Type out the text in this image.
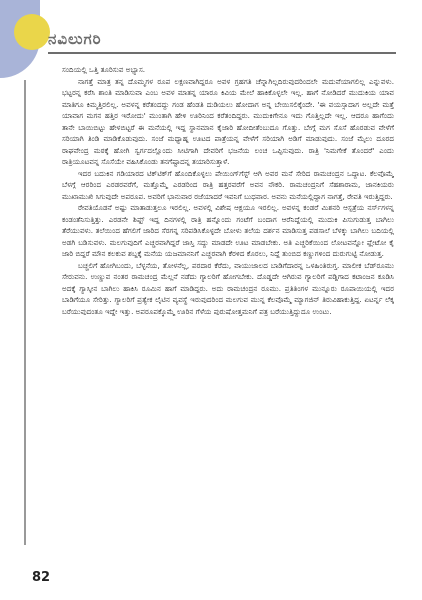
ನವಿಲುಗರಿ

ಸಂದಿಯಲ್ಲಿ ಒತ್ತಿ ತೂರಿಸುವ ಅಭ್ಯಾಸ.

ನಾಗತ್ತೆ ಮಾತ್ರ ತನ್ನ ದೊಮ್ಮಗಳ ರೂಪ ಲಕ್ಷಣವಾಗಿದ್ದರೂ ಅವಳ ಗ್ರಹಗತಿ ಚೆನ್ನಾಗಿಲ್ಲದಿರುವುದರಿಂದಲೇ ಮದುವೆಯಾಗಲಿಲ್ಲ ಎನ್ನುವಳು. ಭಟ್ಟರನ್ನ ಕರೆಸಿ ಶಾಂತಿ ಮಾಡಿಸುವಾ ಎಂಬ ಅವಳ ಮಾತನ್ನ ಯಾರೂ ಕಿವಿಯ ಮೇಲೆ ಹಾಕಿಕೊಳ್ಳಲೇ ಇಲ್ಲ. ಹಾಗೆ ನೋಡಿದರೆ ಮುದುಕಿಯ ಯಾವ ಮಾತಿಗೂ ಕಿಮ್ಮತ್ತಿರಲಿಲ್ಲ. ಅವಳನ್ನ ಕರೆತಂದದ್ದು ಗಂಡ ಹೆಂಡತಿ ದುಡಿಯಲು ಹೋದಾಗ ಅನ್ನ ಬೇಯಿಸಲಿಕ್ಕೆಂದೇ. 'ಈ ವಯಸ್ಸಾದಾಗ ಅಲ್ಲದೇ ಮತ್ತೆ ಯಾವಾಗ ಮಗನ ಹತ್ತಿರ ಇರೋದು' ಮುಂತಾಗಿ ಹೇಳಿ ಊರಿನಿಂದ ಕರೆತಂದಿದ್ದರು. ಮುದುಕಿಗೇನೂ ಇದು ಗೊತ್ತಿಲ್ಲದೇ ಇಲ್ಲ. ಆದರೂ ಹಾಗೆಂದು ತಾನೇ ಬಾಯಿಬಿಟ್ಟು ಹೇಳಬಿಟ್ಟರೆ ಈ ಮನೆಯಲ್ಲಿ ಇದ್ದ ಸ್ಥಾನಮಾನ ಕೈಜಾರಿ ಹೋದೀತೆಂಬುದೂ ಗೊತ್ತು. ಬೇಗ್ಗೆ ಮಗ ಸೊಸೆ ಹೊರಡುವ ವೇಳೆಗೆ ಸರಿಯಾಗಿ ತಿಂಡಿ ಮಾಡಿಕೊಡುವುದು. ಸಂಜೆ ಮಧ್ಯಾಹ್ನ ಊಟದ ಪಾತ್ರೆಯನ್ನ ವೇಳೆಗೆ ಸರಿಯಾಗಿ ಅಡಿಗೆ ಮಾಡುವುದು. ಸಂಜೆ ಮೈಲು ದೂರದ ರಾಘವೇಂದ್ರ ಮಠಕ್ಕೆ ಹೋಗಿ ಸ್ವರ್ಗದಲ್ಲೊಂದು ಸೀಟಿಗಾಗಿ ದೇವರಿಗೆ ಭಜನೆಯ ಲಂಚ ಒಪ್ಪಿಸುವುದು. ರಾತ್ರಿ 'ನಿಮಗೇಕೆ ತೊಂದರೆ' ಎಂದು ರಾತ್ರಿಯೂಟವನ್ನ ಸೊಸೆಯೇ ವಹಿಸಿಕೊಂಡು ತನಗೆಷ್ಟಾದನ್ನ ತಯಾರಿಸುತ್ತಾಳೆ.

ಇದರ ಬದುಕಿನ ಗಡಿಯಾರದ ಟಿಕ್‌ಟಿಕ್‌ಗೆ ಹೊಂದಿಕೊಳ್ಳಲು ಪೇಯಿಂಗ್‌ಗೆಸ್ಟ್ ಆಗಿ ಅವರ ಮನೆ ಸೇರಿದ ರಾಮಚಂದ್ರನ ಒದ್ದಾಟ. ಕೆಲವೊಮ್ಮೆ ಬೆಳಗ್ಗೆ ಆರರಿಂದ ಎರಡರವರೆಗೆ, ಮತ್ತೊಮ್ಮೆ ಎರಡರಿಂದ ರಾತ್ರಿ ಹತ್ತರವರೆಗೆ ಅವನ ನೌಕರಿ. ರಾಮಚಂದ್ರನಿಗೆ ಸೆಹಶಾರಾಮ, ಜಾನಕಿಯರು ಮುಖಾಮುಖಿ ಸಿಗುವುದೇ ಅಪರೂಪ. ಅವರಿಗೆ ಭಾನುವಾರ ರಜೆಯಾದರೆ ಇವನಿಗೆ ಬುಧವಾರ. ಅವನು ಮನೆಯಲ್ಲಿದ್ದಾಗ ನಾಗತ್ತೆ, ರೇವತಿ ಇರುತ್ತಿದ್ದರು.

ರೇವತಿಯೊಡನೆ ಅಷ್ಟು ಮಾತಾಡುತ್ತಲೂ ಇರಲಿಲ್ಲ. ಅವಳಲ್ಲಿ ವಿಶೇಷ ಆಕ್ಷಯೂ ಇರಲಿಲ್ಲ. ಅವಳನ್ನ ಕಂಡರೆ ಮಿಶನರಿ ಆಸ್ಪತ್ರೆಯ ನರ್ಸ್‌ಗಳನ್ನ ಕಂಡಂತೆನಿಸುತ್ತಿತ್ತು. ಎರಡನೇ ಶಿಫ್ಟ್ ಇದ್ದ ದಿನಗಳಲ್ಲಿ ರಾತ್ರಿ ಹನ್ನೊಂದು ಗಂಟೆಗೆ ಬಂದಾಗ ಆರೆನಿದ್ದೆಯಲ್ಲಿ ಮುದುಕಿ ಪಿಸುಗುಡುತ್ತ ಬಾಗಿಲು ತೆರೆಯುವಳು. ತಲೆಯಿಂದ ಹೆಗಲಿಗೆ ಜಾರಿದ ಸೆರಗನ್ನ ಸರಿಪಡಿಸಿಕೊಳ್ಳದೇ ಬೋಳು ತಲೆಯ ದರ್ಶನ ಮಾಡಿಸುತ್ತ ಪಡಸಾಲೆ ಬೆಳಕ್ಕು ಬಾಗಿಲು ಬದಿಯಲ್ಲಿ ಅಡಗಿ ಬಡಿಸುವಳು. ಮಲಗುವುದಿಗೆ ಎಚ್ಚರವಾಗಿದ್ದರೆ ಜಾಸ್ತಿ ಸದ್ದು ಮಾಡದೇ ಊಟ ಮಾಡಬೇಕು. ಅತಿ ಎಚ್ಚರಿಕೆಯಿಂದ ಲೋಟವನ್ನೋ ಫ್ಲೇಟೋ ಕೈ ಜಾರಿ ಬಿದ್ದರೆ ಮೌನ ಕಲಕುವ ಶಬ್ದಕ್ಕೆ ಮನೆಯ ಯಜಮಾನನಿಗೆ ಎಚ್ಚರವಾಗಿ ಕೆರಳಿದ ಕೊರಲು, ನಿದ್ದೆ ತುಂಬಿದ ಕಣ್ಣುಗಳಿಂದ ದುರುಗುಟ್ಟಿ ನೋಡುತ್ತ.

ಬಚ್ಚಲಿಗೆ ಹೋಗಿಬಂದು, ಬೆಳ್ಳನೆಯ, ತೋಳನೆಲ್ಲ, ಪರದಾರ ಕೆರೆದು, ವಾಯುಜಾಲದ ಬಾಡಿಗೆದಾರನ್ನ ಒಳಹಿಂತಿರುಗ್ತ. ಮಾಲೀಕ ಬೆಡ್‌ರೂಮು ಸೇರುವನು. ಉಣ್ಣುವ ನಂತರ ರಾಮಚಂದ್ರ ಮೆಲ್ಲನೆ ನಡೆದು ಗ್ಯಾಲರಿಗೆ ಹೋಗಬೇಕು. ದೊಡ್ಡದೇ ಆಗಿರುವ ಗ್ಯಾಲರಿಗೆ ಪಡ್ದಿಗಾದ ಕಟಾಂಜನ ಕೂಡಿಸಿ ಅದಕ್ಕೆ ಗ್ಯಾಸ್ಕೀನ ಬಾಗಿಲು ಹಾಕಿಸಿ ರೂಮಿನ ಹಾಗೆ ಮಾಡಿದ್ದರು. ಅದು ರಾಮಚಂದ್ರನ ರೂಮು. ಪ್ರತಿತಿಂಗಳ ಮುನ್ನೂರು ರೂಪಾಯಿಯಲ್ಲಿ ಇದರ ಬಾಡಿಗೆಯೂ ಸೇರಿತ್ತು. ಗ್ಯಾಲರಿಗೆ ಪ್ರತ್ಯೇಕ ಲೈಟಿನ ವ್ಯವಸ್ಥೆ ಇರುವುದರಿಂದ ಮಲಗುವ ಮುನ್ನ ಕೆಲವೊಮ್ಮೆ ಮ್ಯಾಗಜಿನ್ ತಿರುವಿಹಾಕುತ್ತಿದ್ದ. ಏಟರ್ನ್ನ ಲೆಕ್ಕ ಬರೆಯುವುದಂತೂ ಇದ್ದೇ ಇತ್ತು. ಅಪರೂಪಕ್ಕೊಮ್ಮೆ ಊರಿನ ಗೆಳೆಯ ಪುರುಷೋತ್ತಮನಿಗೆ ಪತ್ರ ಬರೆಯುತ್ತಿದ್ದುದೂ ಉಂಟು.

82
